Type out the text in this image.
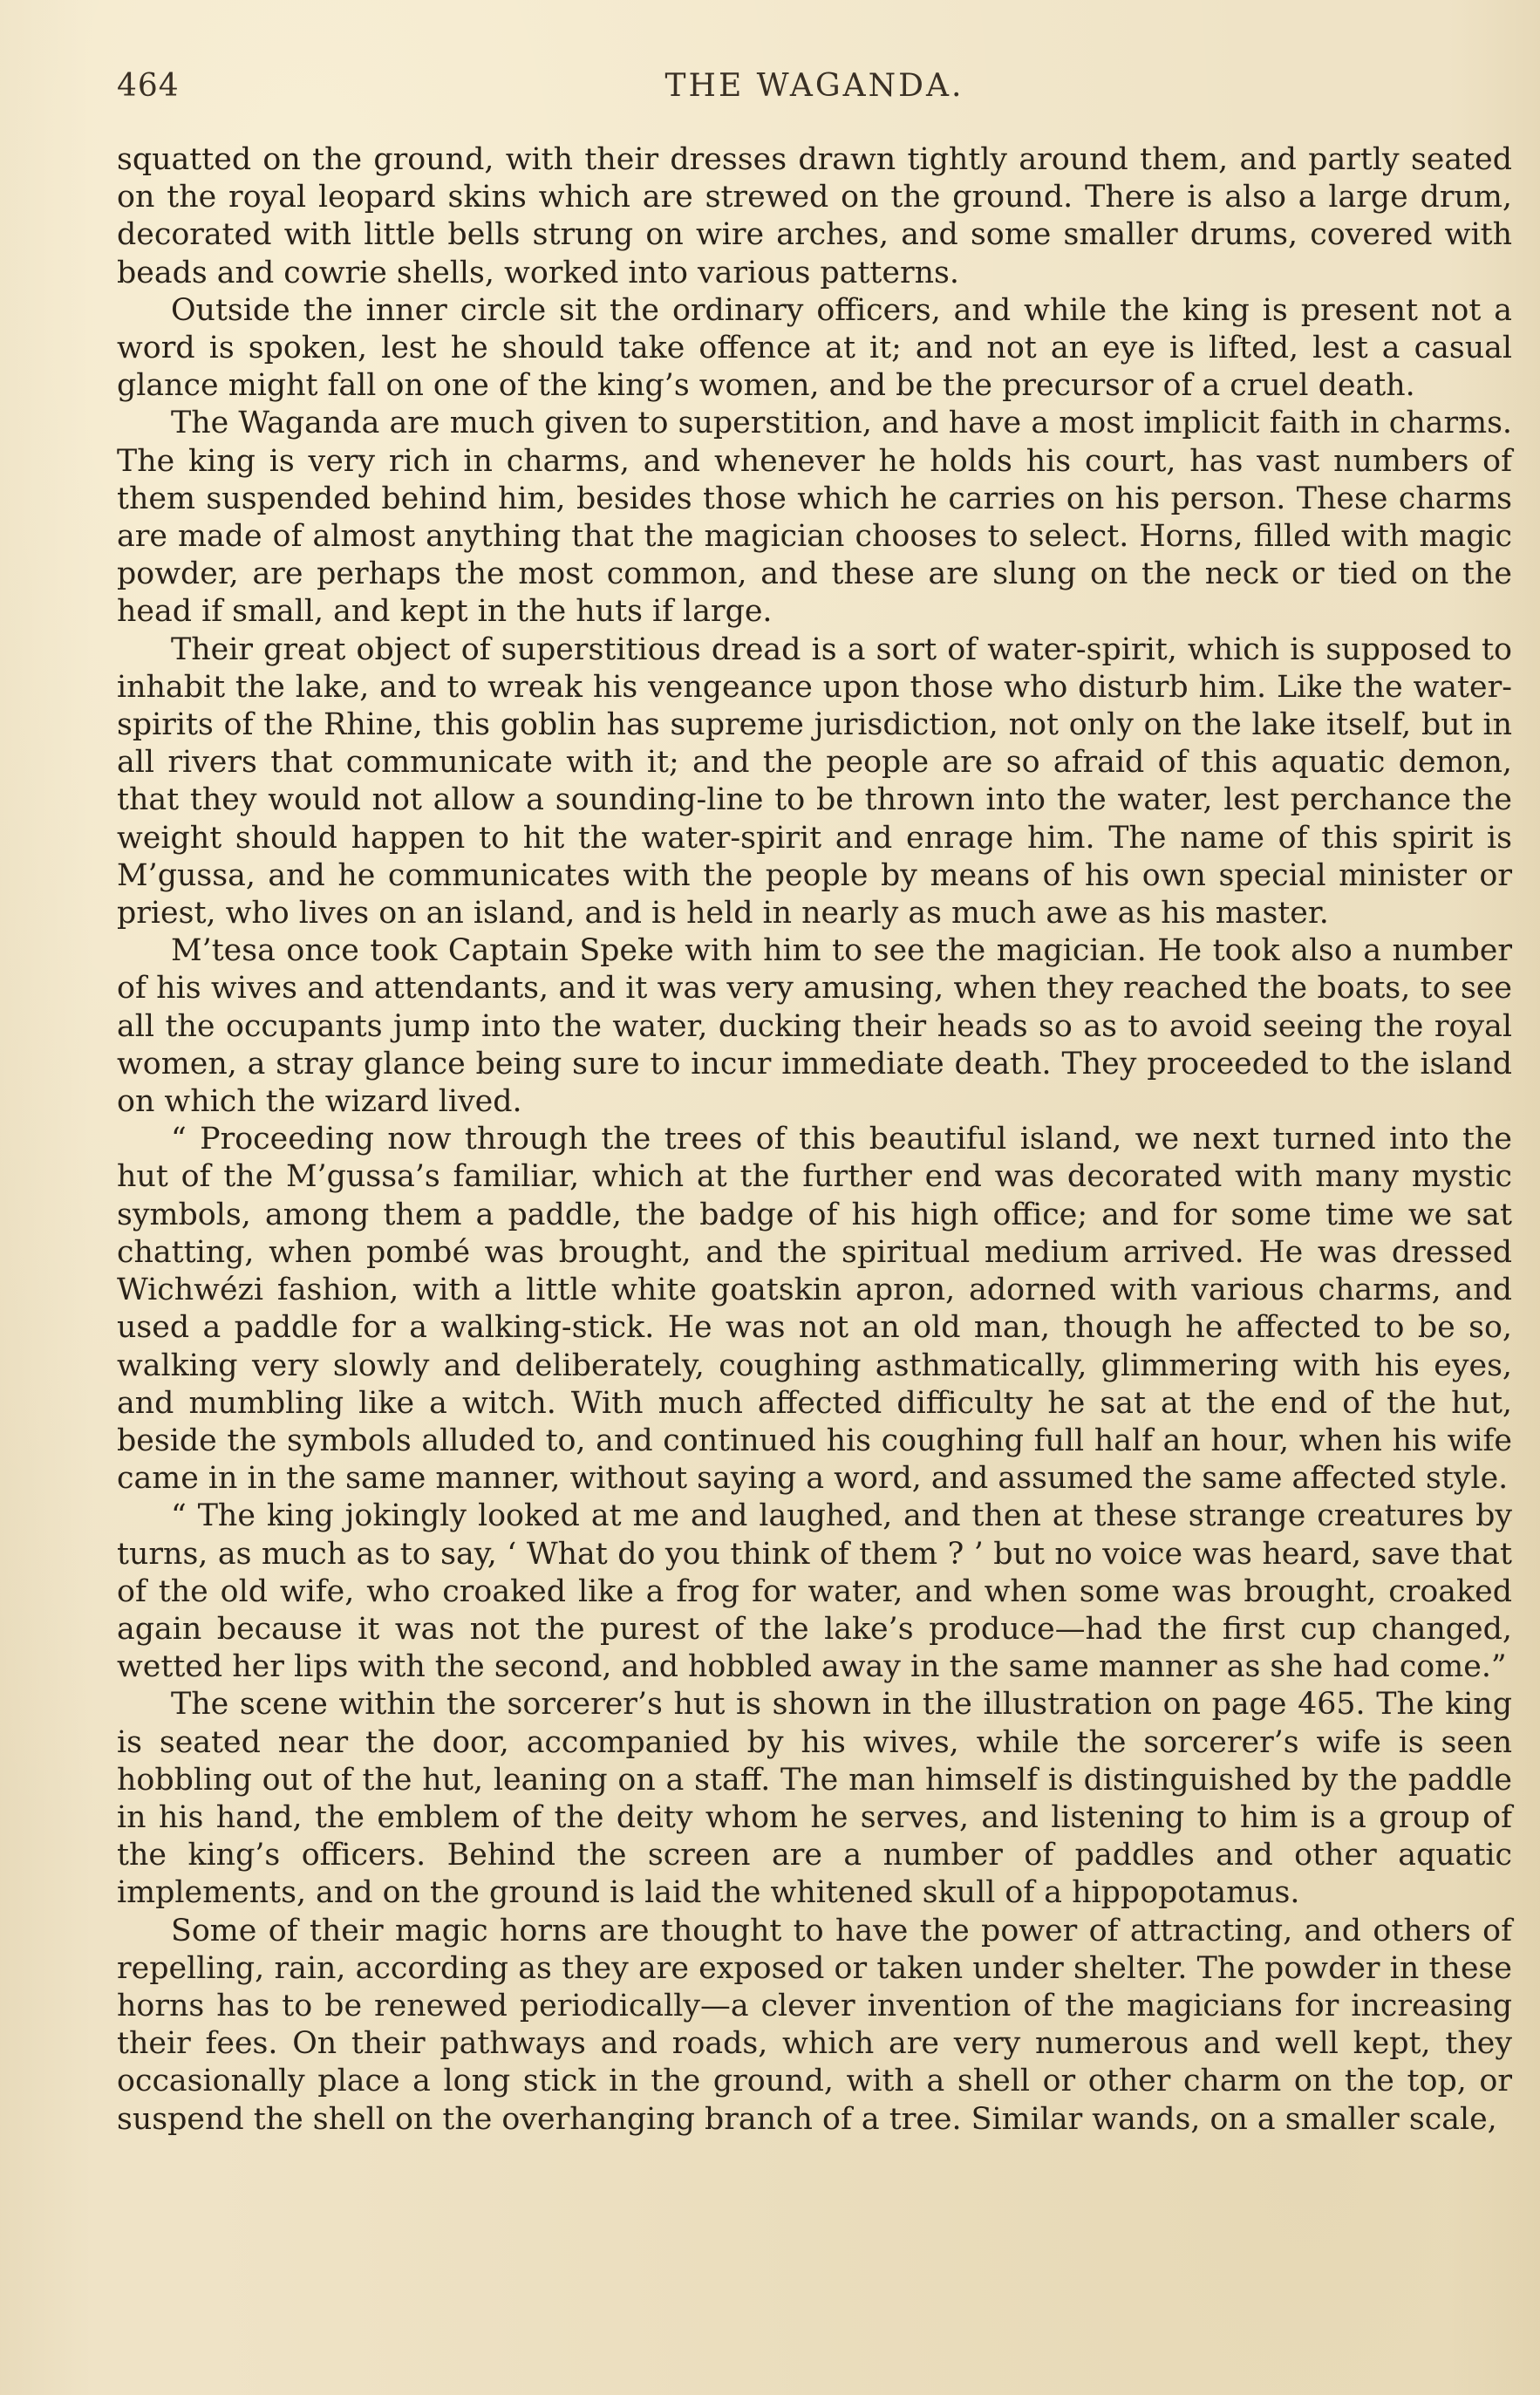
464	THE WAGANDA.

squatted on the ground, with their dresses drawn tightly around them, and partly seated on the royal leopard skins which are strewed on the ground. There is also a large drum, decorated with little bells strung on wire arches, and some smaller drums, covered with beads and cowrie shells, worked into various patterns.

Outside the inner circle sit the ordinary officers, and while the king is present not a word is spoken, lest he should take offence at it; and not an eye is lifted, lest a casual glance might fall on one of the king’s women, and be the precursor of a cruel death.

The Waganda are much given to superstition, and have a most implicit faith in charms. The king is very rich in charms, and whenever he holds his court, has vast numbers of them suspended behind him, besides those which he carries on his person. These charms are made of almost anything that the magician chooses to select. Horns, filled with magic powder, are perhaps the most common, and these are slung on the neck or tied on the head if small, and kept in the huts if large.

Their great object of superstitious dread is a sort of water-spirit, which is supposed to inhabit the lake, and to wreak his vengeance upon those who disturb him. Like the water-spirits of the Rhine, this goblin has supreme jurisdiction, not only on the lake itself, but in all rivers that communicate with it; and the people are so afraid of this aquatic demon, that they would not allow a sounding-line to be thrown into the water, lest perchance the weight should happen to hit the water-spirit and enrage him. The name of this spirit is M’gussa, and he communicates with the people by means of his own special minister or priest, who lives on an island, and is held in nearly as much awe as his master.

M’tesa once took Captain Speke with him to see the magician. He took also a number of his wives and attendants, and it was very amusing, when they reached the boats, to see all the occupants jump into the water, ducking their heads so as to avoid seeing the royal women, a stray glance being sure to incur immediate death. They proceeded to the island on which the wizard lived.

“ Proceeding now through the trees of this beautiful island, we next turned into the hut of the M’gussa’s familiar, which at the further end was decorated with many mystic symbols, among them a paddle, the badge of his high office; and for some time we sat chatting, when pombé was brought, and the spiritual medium arrived. He was dressed Wichwézi fashion, with a little white goatskin apron, adorned with various charms, and used a paddle for a walking-stick. He was not an old man, though he affected to be so, walking very slowly and deliberately, coughing asthmatically, glimmering with his eyes, and mumbling like a witch. With much affected difficulty he sat at the end of the hut, beside the symbols alluded to, and continued his coughing full half an hour, when his wife came in in the same manner, without saying a word, and assumed the same affected style.

“ The king jokingly looked at me and laughed, and then at these strange creatures by turns, as much as to say, ‘ What do you think of them ? ’ but no voice was heard, save that of the old wife, who croaked like a frog for water, and when some was brought, croaked again because it was not the purest of the lake’s produce—had the first cup changed, wetted her lips with the second, and hobbled away in the same manner as she had come.”

The scene within the sorcerer’s hut is shown in the illustration on page 465. The king is seated near the door, accompanied by his wives, while the sorcerer’s wife is seen hobbling out of the hut, leaning on a staff. The man himself is distinguished by the paddle in his hand, the emblem of the deity whom he serves, and listening to him is a group of the king’s officers. Behind the screen are a number of paddles and other aquatic implements, and on the ground is laid the whitened skull of a hippopotamus.

Some of their magic horns are thought to have the power of attracting, and others of repelling, rain, according as they are exposed or taken under shelter. The powder in these horns has to be renewed periodically—a clever invention of the magicians for increasing their fees. On their pathways and roads, which are very numerous and well kept, they occasionally place a long stick in the ground, with a shell or other charm on the top, or suspend the shell on the overhanging branch of a tree. Similar wands, on a smaller scale,
